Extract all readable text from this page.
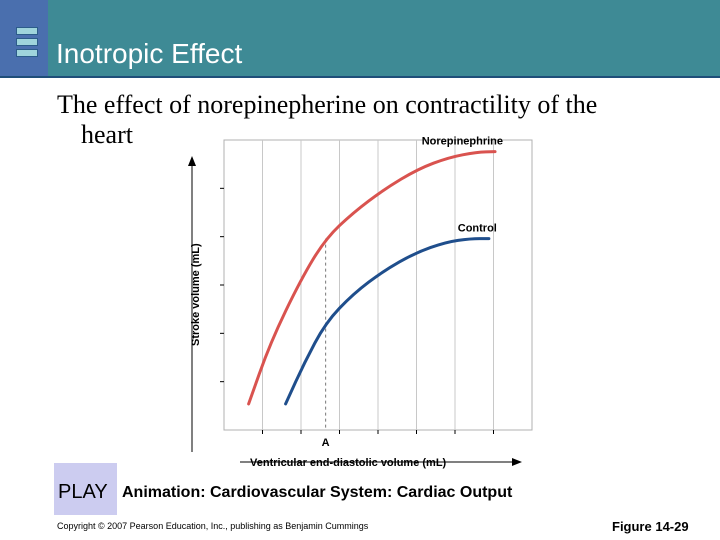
Inotropic Effect
The effect of norepinepherine on contractility of the
heart
Stroke volume (mL)
Ventricular end-diastolic volume (mL)
A
Norepinephrine
Control
PLAY Animation: Cardiovascular System: Cardiac Output
Copyright © 2007 Pearson Education, Inc., publishing as Benjamin Cummings	Figure 14-29
